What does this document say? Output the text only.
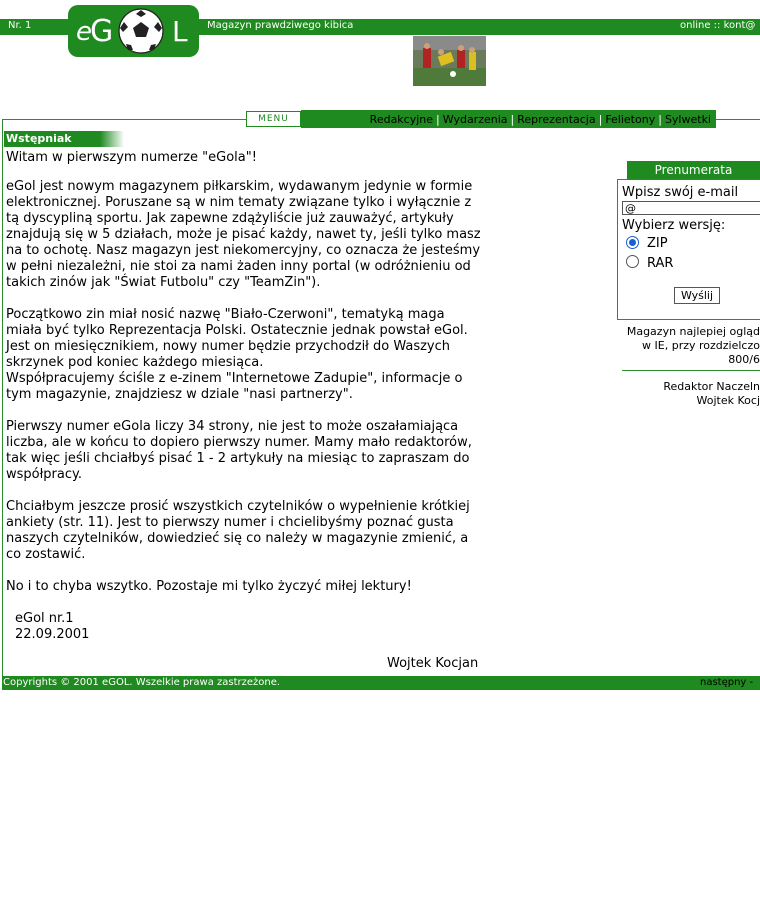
Nr. 1	Magazyn prawdziwego kibica	online :: kont@
e
G L
MENU	Redakcyjne | Wydarzenia | Reprezentacja | Felietony | Sylwetki
Wstępniak
Witam w pierwszym numerze "eGola"!
eGol jest nowym magazynem piłkarskim, wydawanym jedynie w formie elektronicznej. Poruszane są w nim tematy związane tylko i wyłącznie z tą dyscypliną sportu. Jak zapewne zdążyliście już zauważyć, artykuły znajdują się w 5 działach, może je pisać każdy, nawet ty, jeśli tylko masz na to ochotę. Nasz magazyn jest niekomercyjny, co oznacza że jesteśmy w pełni niezależni, nie stoi za nami żaden inny portal (w odróżnieniu od takich zinów jak "Świat Futbolu" czy "TeamZin").
Początkowo zin miał nosić nazwę "Biało-Czerwoni", tematyką maga miała być tylko Reprezentacja Polski. Ostatecznie jednak powstał eGol. Jest on miesięcznikiem, nowy numer będzie przychodził do Waszych skrzynek pod koniec każdego miesiąca.
Współpracujemy ściśle z e-zinem "Internetowe Zadupie", informacje o tym magazynie, znajdziesz w dziale "nasi partnerzy".
Pierwszy numer eGola liczy 34 strony, nie jest to może oszałamiająca liczba, ale w końcu to dopiero pierwszy numer. Mamy mało redaktorów, tak więc jeśli chciałbyś pisać 1 - 2 artykuły na miesiąc to zapraszam do współpracy.
Chciałbym jeszcze prosić wszystkich czytelników o wypełnienie krótkiej ankiety (str. 11). Jest to pierwszy numer i chcielibyśmy poznać gusta naszych czytelników, dowiedzieć się co należy w magazynie zmienić, a co zostawić.
No i to chyba wszytko. Pozostaje mi tylko życzyć miłej lektury!
eGol nr.1
22.09.2001
Wojtek Kocjan
Prenumerata
Wpisz swój e-mail
@
Wybierz wersję:
ZIP
RAR
Wyślij
Magazyn najlepiej ogląd
w IE, przy rozdzielczo
800/6
Redaktor Naczeln
Wojtek Kocj
Copyrights © 2001 eGOL. Wszelkie prawa zastrzeżone.	następny -
